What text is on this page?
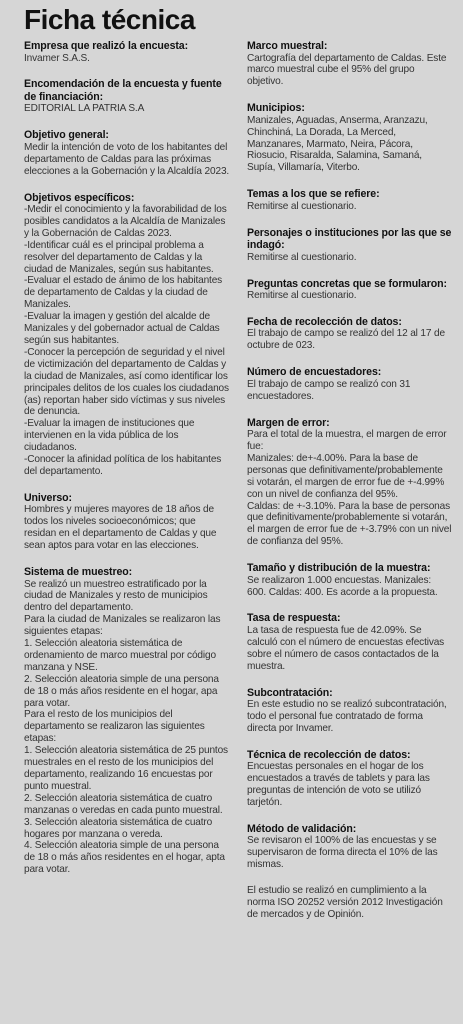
Ficha técnica
Empresa que realizó la encuesta:
Invamer S.A.S.
Encomendación de la encuesta y fuente de financiación:
EDITORIAL LA PATRIA S.A
Objetivo general:
Medir la intención de voto de los habitantes del departamento de Caldas para las próximas elecciones a la Gobernación y la Alcaldía 2023.
Objetivos específicos:
-Medir el conocimiento y la favorabilidad de los posibles candidatos a la Alcaldía de Manizales y la Gobernación de Caldas 2023.
-Identificar cuál es el principal problema a resolver del departamento de Caldas y la ciudad de Manizales, según sus habitantes.
-Evaluar el estado de ánimo de los habitantes de departamento de Caldas y la ciudad de Manizales.
-Evaluar la imagen y gestión del alcalde de Manizales y del gobernador actual de Caldas según sus habitantes.
-Conocer la percepción de seguridad y el nivel de victimización del departamento de Caldas y la ciudad de Manizales, así como identificar los principales delitos de los cuales los ciudadanos (as) reportan haber sido víctimas y sus niveles de denuncia.
-Evaluar la imagen de instituciones que intervienen en la vida pública de los ciudadanos.
-Conocer la afinidad política de los habitantes del departamento.
Universo:
Hombres y mujeres mayores de 18 años de todos los niveles socioeconómicos; que residan en el departamento de Caldas y que sean aptos para votar en las elecciones.
Sistema de muestreo:
Se realizó un muestreo estratificado por la ciudad de Manizales y resto de municipios dentro del departamento.
Para la ciudad de Manizales se realizaron las siguientes etapas:
1. Selección aleatoria sistemática de ordenamiento de marco muestral por código manzana y NSE.
2. Selección aleatoria simple de una persona de 18 o más años residente en el hogar, apa para votar.
Para el resto de los municipios del departamento se realizaron las siguientes etapas:
1. Selección aleatoria sistemática de 25 puntos muestrales en el resto de los municipios del departamento, realizando 16 encuestas por punto muestral.
2. Selección aleatoria sistemática de cuatro manzanas o veredas en cada punto muestral.
3. Selección aleatoria sistemática de cuatro hogares por manzana o vereda.
4. Selección aleatoria simple de una persona de 18 o más años residentes en el hogar, apta para votar.
Marco muestral:
Cartografía del departamento de Caldas. Este marco muestral cube el 95% del grupo objetivo.
Municipios:
Manizales, Aguadas, Anserma, Aranzazu, Chinchiná, La Dorada, La Merced, Manzanares, Marmato, Neira, Pácora, Riosucio, Risaralda, Salamina, Samaná, Supía, Villamaría, Viterbo.
Temas a los que se refiere:
Remitirse al cuestionario.
Personajes o instituciones por las que se indagó:
Remitirse al cuestionario.
Preguntas concretas que se formularon:
Remitirse al cuestionario.
Fecha de recolección de datos:
El trabajo de campo se realizó del 12 al 17 de octubre de 023.
Número de encuestadores:
El trabajo de campo se realizó con 31 encuestadores.
Margen de error:
Para el total de la muestra, el margen de error fue:
Manizales: de+-4.00%. Para la base de personas que definitivamente/probablemente si votarán, el margen de error fue de +-4.99% con un nivel de confianza del 95%.
Caldas: de +-3.10%. Para la base de personas que definitivamente/probablemente si votarán, el margen de error fue de +-3.79% con un nivel de confianza del 95%.
Tamaño y distribución de la muestra:
Se realizaron 1.000 encuestas. Manizales: 600. Caldas: 400. Es acorde a la propuesta.
Tasa de respuesta:
La tasa de respuesta fue de 42.09%. Se calculó con el número de encuestas efectivas sobre el número de casos contactados de la muestra.
Subcontratación:
En este estudio no se realizó subcontratación, todo el personal fue contratado de forma directa por Invamer.
Técnica de recolección de datos:
Encuestas personales en el hogar de los encuestados a través de tablets y para las preguntas de intención de voto se utilizó tarjetón.
Método de validación:
Se revisaron el 100% de las encuestas y se supervisaron de forma directa el 10% de las mismas.
El estudio se realizó en cumplimiento a la norma ISO 20252 versión 2012 Investigación de mercados y de Opinión.
